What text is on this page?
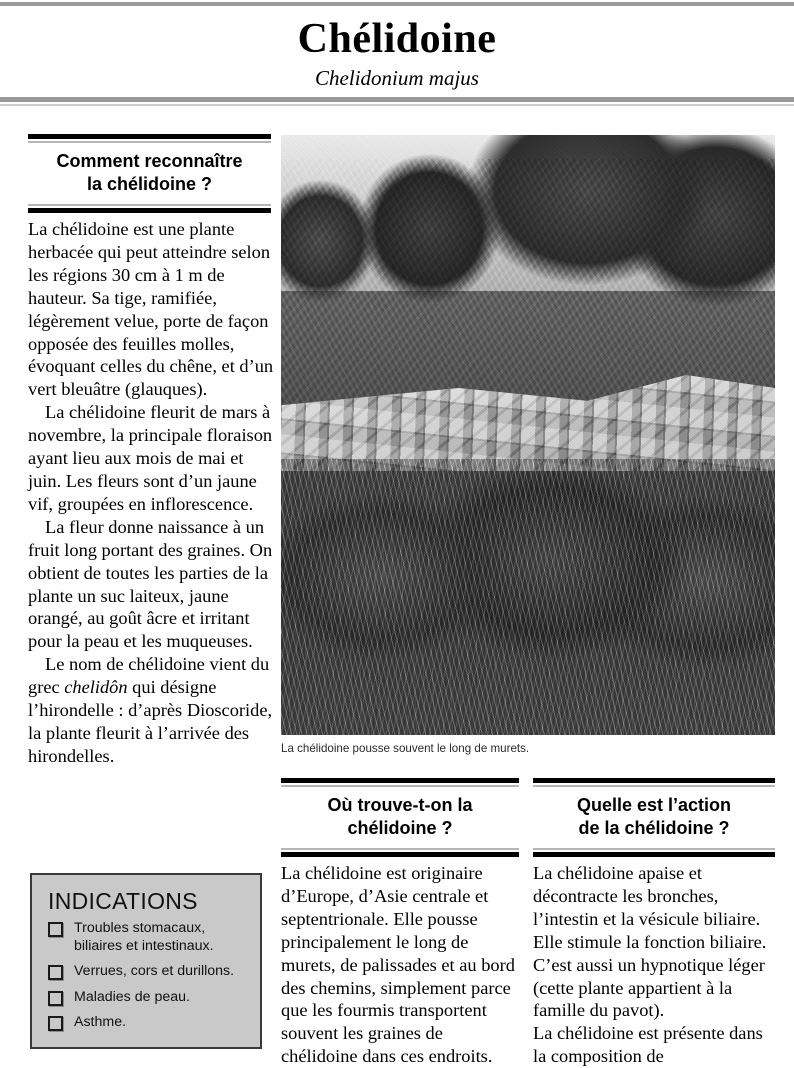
Chélidoine
Chelidonium majus
Comment reconnaître
la chélidoine ?

La chélidoine est une plante herbacée qui peut atteindre selon les régions 30 cm à 1 m de hauteur. Sa tige, ramifiée, légèrement velue, porte de façon opposée des feuilles molles, évoquant celles du chêne, et d’un vert bleuâtre (glauques).

La chélidoine fleurit de mars à novembre, la principale floraison ayant lieu aux mois de mai et juin. Les fleurs sont d’un jaune vif, groupées en inflorescence.

La fleur donne naissance à un fruit long portant des graines. On obtient de toutes les parties de la plante un suc laiteux, jaune orangé, au goût âcre et irritant pour la peau et les muqueuses.

Le nom de chélidoine vient du grec chelidôn qui désigne l’hirondelle : d’après Dioscoride, la plante fleurit à l’arrivée des hirondelles.

INDICATIONS
Troubles stomacaux, biliaires et intestinaux.
Verrues, cors et durillons.
Maladies de peau.
Asthme.
La chélidoine pousse souvent le long de murets.
Où trouve-t-on la
chélidoine ?
Quelle est l’action
de la chélidoine ?

La chélidoine est originaire d’Europe, d’Asie centrale et septentrionale. Elle pousse principalement le long de murets, de palissades et au bord des chemins, simplement parce que les fourmis transportent souvent les graines de chélidoine dans ces endroits.

La chélidoine apaise et décontracte les bronches, l’intestin et la vésicule biliaire. Elle stimule la fonction biliaire. C’est aussi un hypnotique léger (cette plante appartient à la famille du pavot).

La chélidoine est présente dans la composition de
